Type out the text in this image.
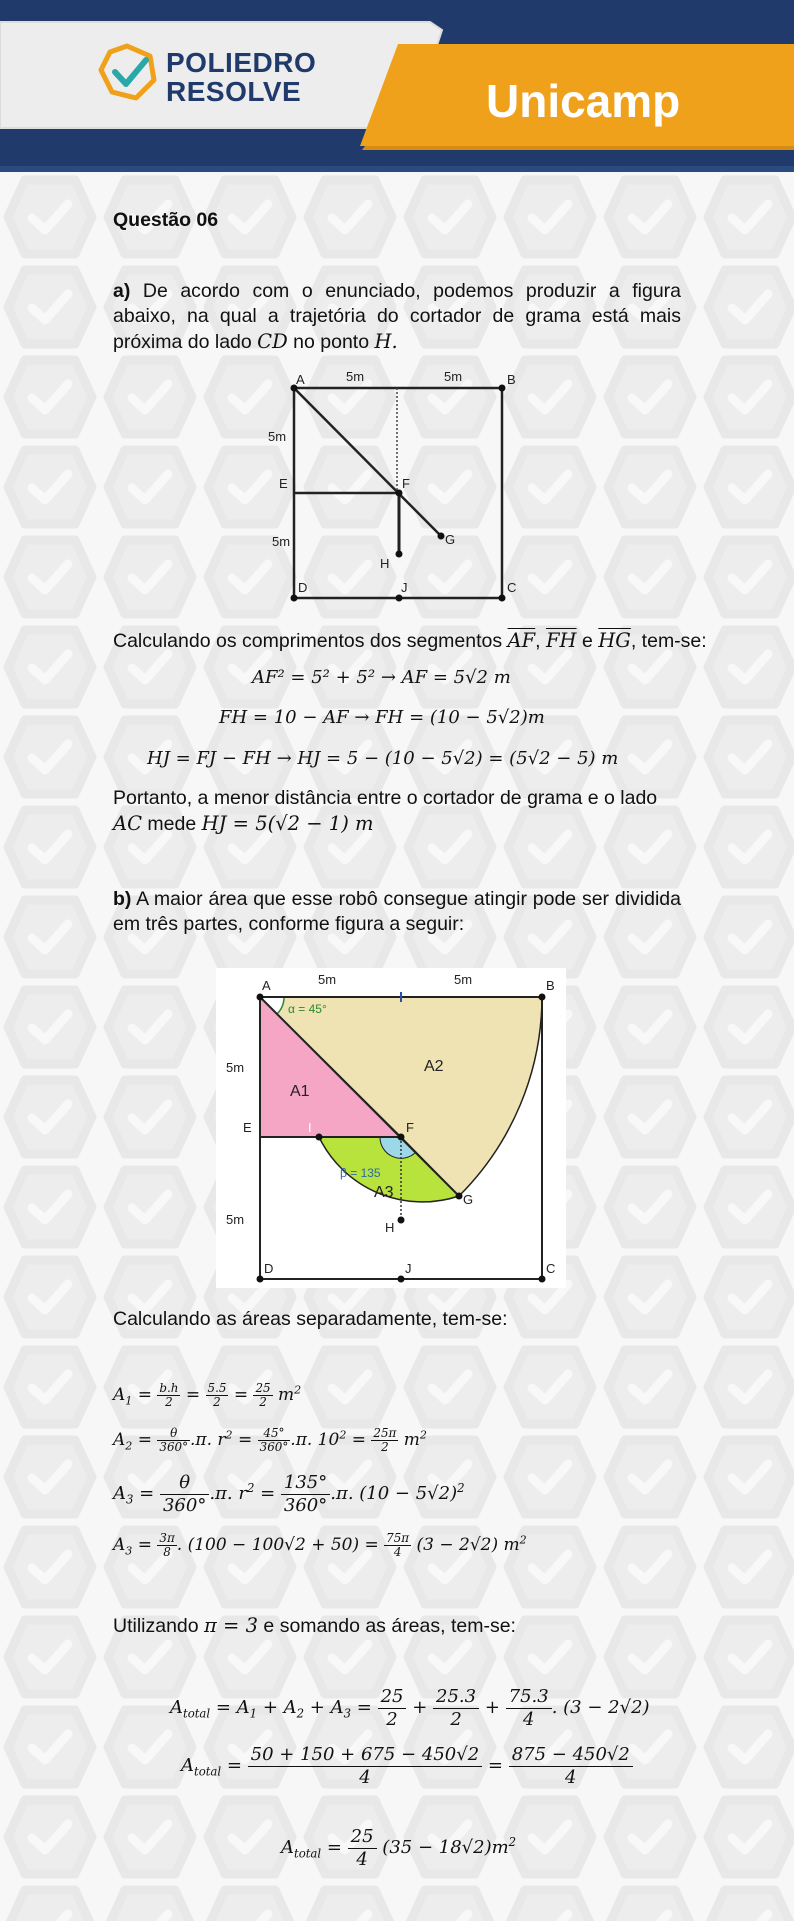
POLIEDRO
RESOLVE	Unicamp
Questão 06
a) De acordo com o enunciado, podemos produzir a figura abaixo, na qual a trajetória do cortador de grama está mais próxima do lado CD no ponto H.
A	B
C
D
E	F
G
H
J
5m	5m
5m
5m
Calculando os comprimentos dos segmentos $\overline{AF}$, $\overline{FH}$ e $\overline{HG}$, tem-se:
AF² = 5² + 5² → AF = 5√2 m
FH = 10 − AF → FH = (10 − 5√2)m
HJ = FJ − FH → HJ = 5 − (10 − 5√2) = (5√2 − 5) m
Portanto, a menor distância entre o cortador de grama e o lado
AC mede HJ = 5(√2 − 1) m
b) A maior área que esse robô consegue atingir pode ser dividida em três partes, conforme figura a seguir:
A	B
C
D
E	F
G
H
I
J
5m	5m
5m
5m
α = 45°
β = 135
A1
A2
A3
Calculando as áreas separadamente, tem-se:
$A_1 = \frac{b.h}{2} = \frac{5.5}{2} = \frac{25}{2} m^2$
$A_2 = \frac{\theta}{360^\circ} .\pi$. $r^2 = \frac{45^\circ}{360^\circ} .\pi$. $10^2 = \frac{25\pi}{2} m^2$
$A_3 = \frac{\theta}{360^\circ} .\pi$. $r^2 = \frac{135^\circ}{360^\circ} .\pi$. $(10 - 5√2)^2$
$A_3 = \frac{3\pi}{8}$ . $(100 - 100√2 + 50) = \frac{75\pi}{4} (3 - 2√2)$ $m^2$
Utilizando π = 3 e somando as áreas, tem-se:
$A_{total} = A_1 + A_2 + A_3 = \frac{25}{2} + \frac{25.3}{2} + \frac{75.3}{4}$ . (3 − 2√2)
$A_{total} = \frac{50 + 150 + 675 - 450√2}{4} = \frac{875 - 450√2}{4}$
$A_{total} = \frac{25}{4} (35 - 18√2)m^2$
